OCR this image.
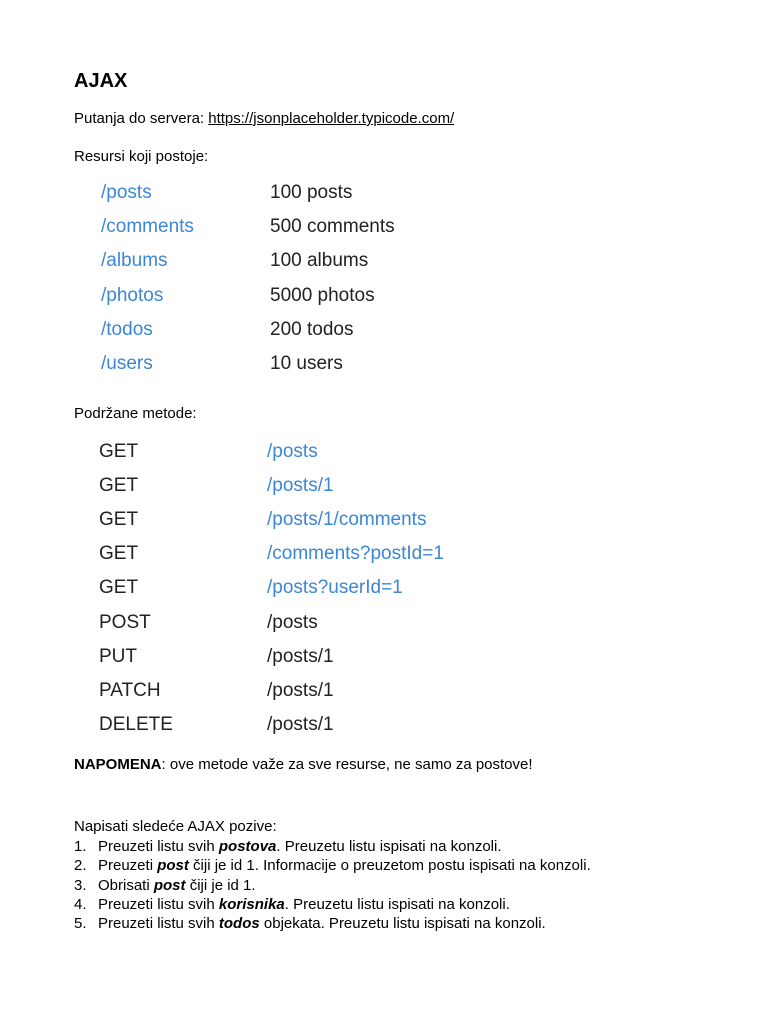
AJAX

Putanja do servera: https://jsonplaceholder.typicode.com/

Resursi koji postoje:

/posts	100 posts
/comments	500 comments
/albums	100 albums
/photos	5000 photos
/todos	200 todos
/users	10 users

Podržane metode:

GET	/posts
GET	/posts/1
GET	/posts/1/comments
GET	/comments?postId=1
GET	/posts?userId=1
POST	/posts
PUT	/posts/1
PATCH	/posts/1
DELETE	/posts/1

NAPOMENA: ove metode važe za sve resurse, ne samo za postove!

Napisati sledeće AJAX pozive:

1. Preuzeti listu svih postova. Preuzetu listu ispisati na konzoli.
2. Preuzeti post čiji je id 1. Informacije o preuzetom postu ispisati na konzoli.
3. Obrisati post čiji je id 1.
4. Preuzeti listu svih korisnika. Preuzetu listu ispisati na konzoli.
5. Preuzeti listu svih todos objekata. Preuzetu listu ispisati na konzoli.
